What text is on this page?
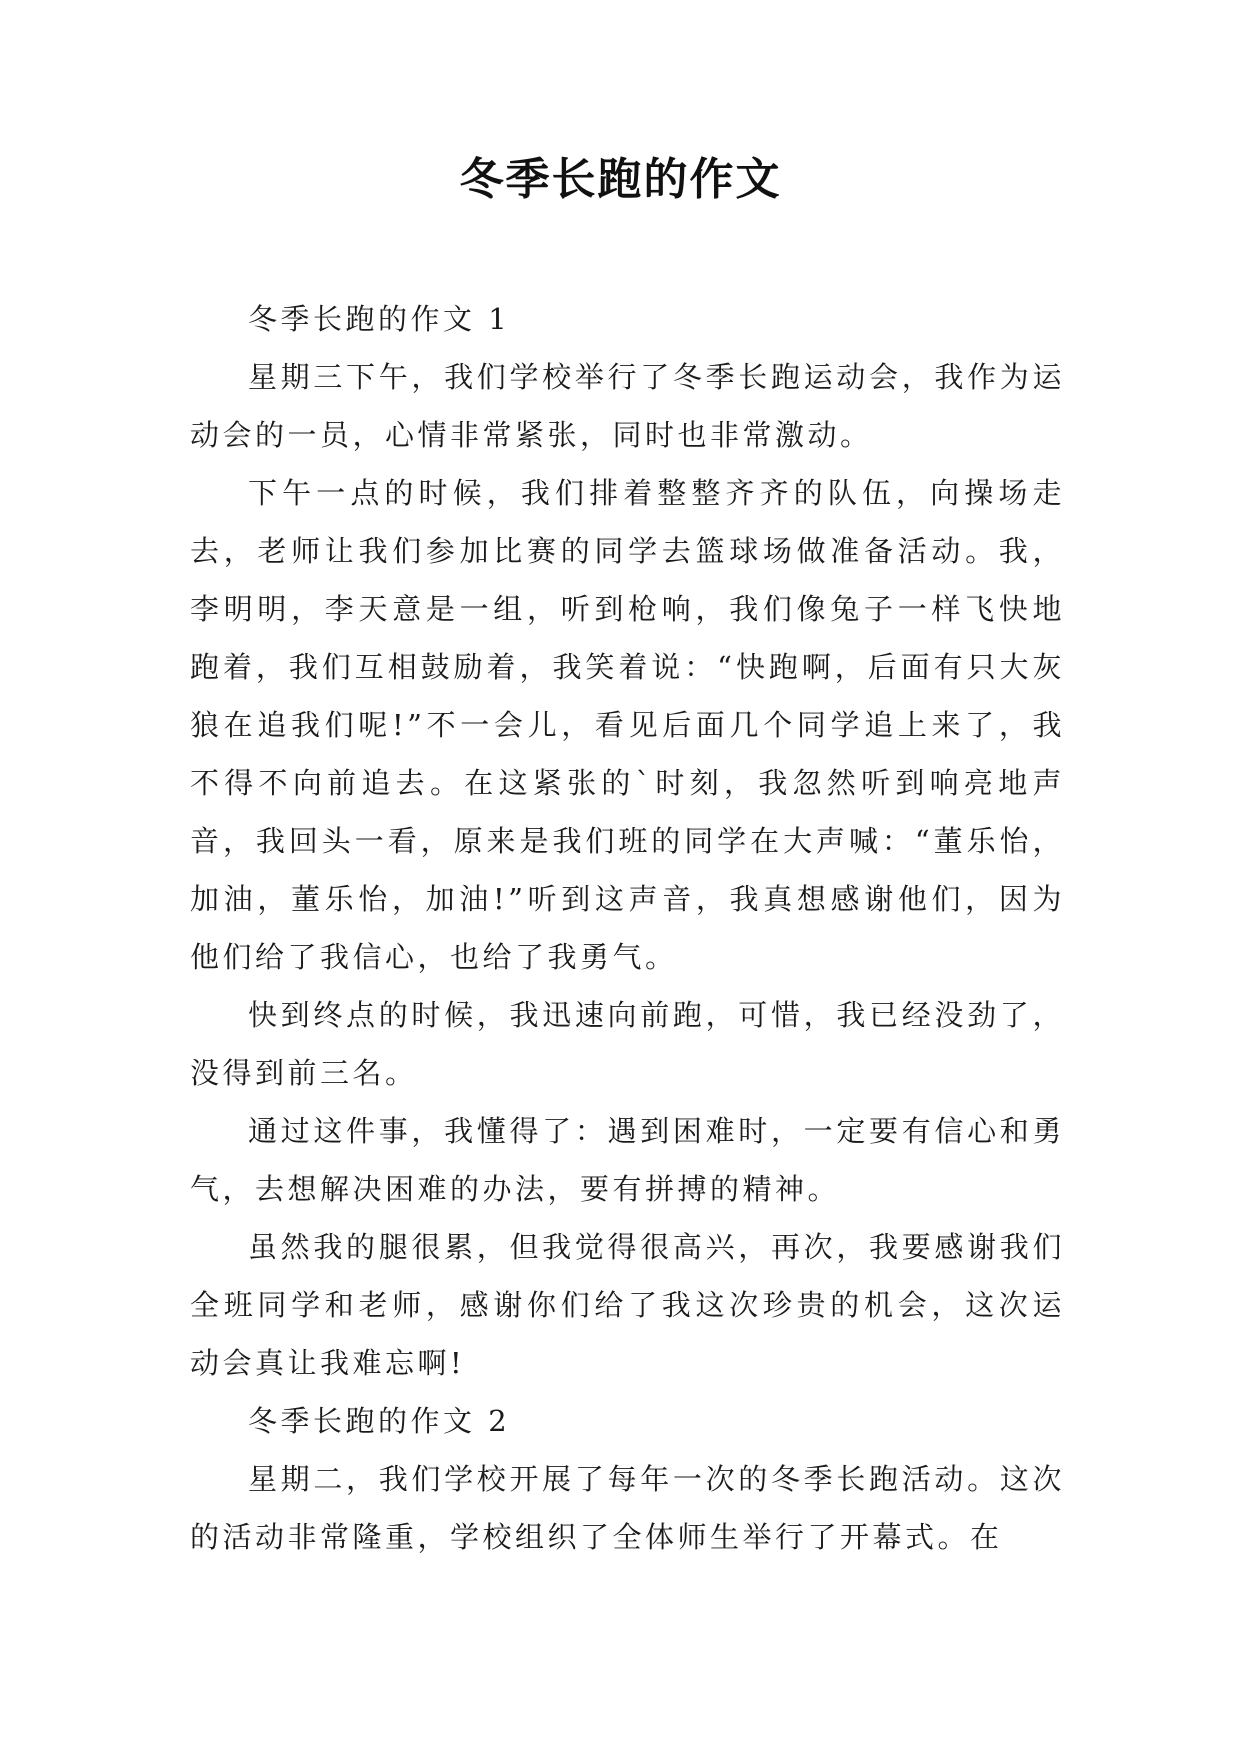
冬季长跑的作文

冬季长跑的作文 1

星期三下午，我们学校举行了冬季长跑运动会，我作为运动会的一员，心情非常紧张，同时也非常激动。

下午一点的时候，我们排着整整齐齐的队伍，向操场走去，老师让我们参加比赛的同学去篮球场做准备活动。我，李明明，李天意是一组，听到枪响，我们像兔子一样飞快地跑着，我们互相鼓励着，我笑着说：“快跑啊，后面有只大灰狼在追我们呢!”不一会儿，看见后面几个同学追上来了，我不得不向前追去。在这紧张的`时刻，我忽然听到响亮地声音，我回头一看，原来是我们班的同学在大声喊：“董乐怡，加油，董乐怡，加油!”听到这声音，我真想感谢他们，因为他们给了我信心，也给了我勇气。

快到终点的时候，我迅速向前跑，可惜，我已经没劲了，没得到前三名。

通过这件事，我懂得了：遇到困难时，一定要有信心和勇气，去想解决困难的办法，要有拼搏的精神。

虽然我的腿很累，但我觉得很高兴，再次，我要感谢我们全班同学和老师，感谢你们给了我这次珍贵的机会，这次运动会真让我难忘啊!

冬季长跑的作文 2

星期二，我们学校开展了每年一次的冬季长跑活动。这次的活动非常隆重，学校组织了全体师生举行了开幕式。在
